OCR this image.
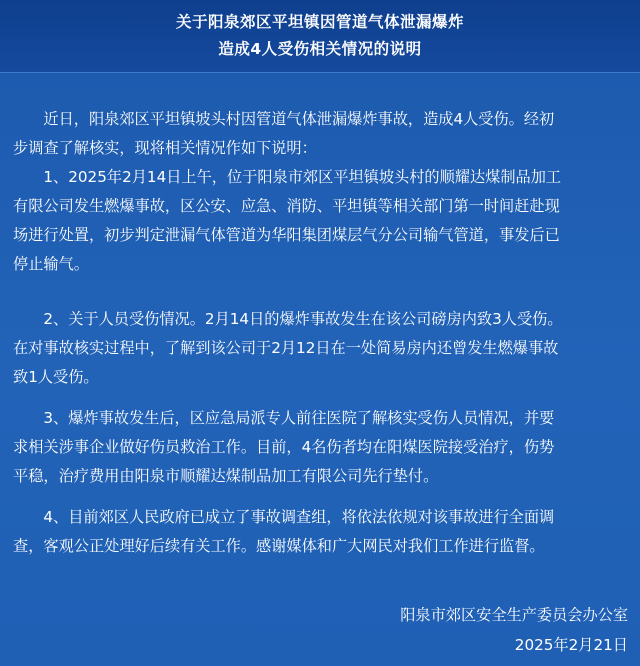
关于阳泉郊区平坦镇因管道气体泄漏爆炸
造成4人受伤相关情况的说明
　　近日，阳泉郊区平坦镇坡头村因管道气体泄漏爆炸事故，造成4人受伤。经初
步调查了解核实，现将相关情况作如下说明：
　　1、2025年2月14日上午，位于阳泉市郊区平坦镇坡头村的顺耀达煤制品加工
有限公司发生燃爆事故，区公安、应急、消防、平坦镇等相关部门第一时间赶赴现
场进行处置，初步判定泄漏气体管道为华阳集团煤层气分公司输气管道，事发后已
停止输气。
　　2、关于人员受伤情况。2月14日的爆炸事故发生在该公司磅房内致3人受伤。
在对事故核实过程中，了解到该公司于2月12日在一处简易房内还曾发生燃爆事故
致1人受伤。
　　3、爆炸事故发生后，区应急局派专人前往医院了解核实受伤人员情况，并要
求相关涉事企业做好伤员救治工作。目前，4名伤者均在阳煤医院接受治疗，伤势
平稳，治疗费用由阳泉市顺耀达煤制品加工有限公司先行垫付。
　　4、目前郊区人民政府已成立了事故调查组，将依法依规对该事故进行全面调
查，客观公正处理好后续有关工作。感谢媒体和广大网民对我们工作进行监督。
阳泉市郊区安全生产委员会办公室
2025年2月21日
